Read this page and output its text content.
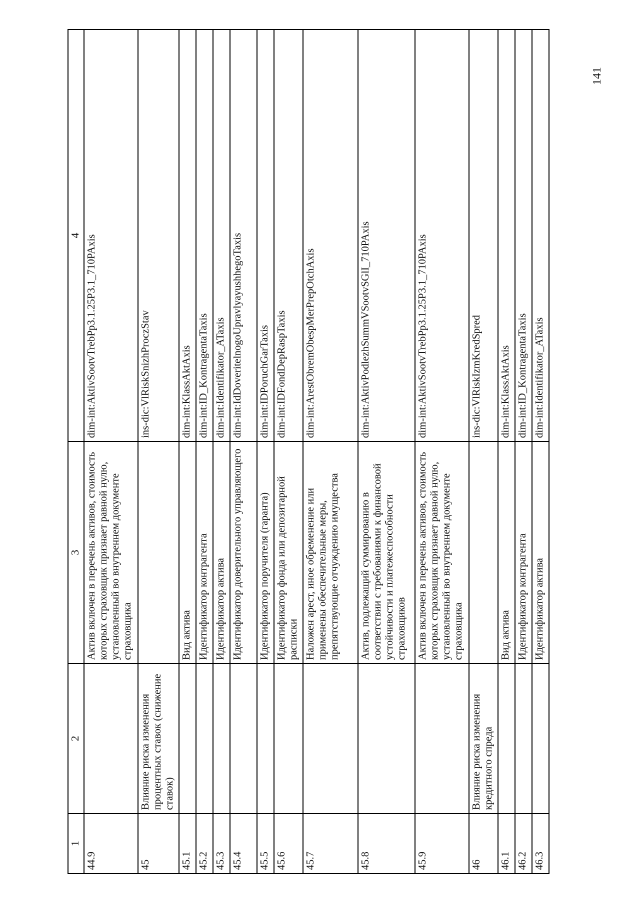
141
1	2	3	4
44.9		Актив включен в перечень активов, стоимость которых страховщик признает равной нулю, установленный во внутреннем документе страховщика	dim-int:AktivSootvTrebPp3.1.25P3.1_710PAxis
45	Влияние риска изменения процентных ставок (снижение ставок)		ins-dic:VlRiskSnizhProczStav
45.1		Вид актива	dim-int:KlassAktAxis
45.2		Идентификатор контрагента	dim-int:ID_KontragentaTaxis
45.3		Идентификатор актива	dim-int:Identifikator_ATaxis
45.4		Идентификатор доверительного управляющего	dim-int:IdDoveritelnogoUpravlyayushhegoTaxis
45.5		Идентификатор поручителя (гаранта)	dim-int:IDPoruchGarTaxis
45.6		Идентификатор фонда или депозитарной расписки	dim-int:IDFondDepRaspTaxis
45.7		Наложен арест, иное обременение или применены обеспечительные меры, препятствующие отчуждению имущества	dim-int:ArestObremObespMerPrepOtchAxis
45.8		Актив, подлежащий суммированию в соответствии с требованиями к финансовой устойчивости и платежеспособности страховщиков	dim-int:AktivPodlezhSummVSootvSGlI_710PAxis
45.9		Актив включен в перечень активов, стоимость которых страховщик признает равной нулю, установленный во внутреннем документе страховщика	dim-int:AktivSootvTrebPp3.1.25P3.1_710PAxis
46	Влияние риска изменения кредитного спреда		ins-dic:VlRiskIzmKredSpred
46.1		Вид актива	dim-int:KlassAktAxis
46.2		Идентификатор контрагента	dim-int:ID_KontragentaTaxis
46.3		Идентификатор актива	dim-int:Identifikator_ATaxis
